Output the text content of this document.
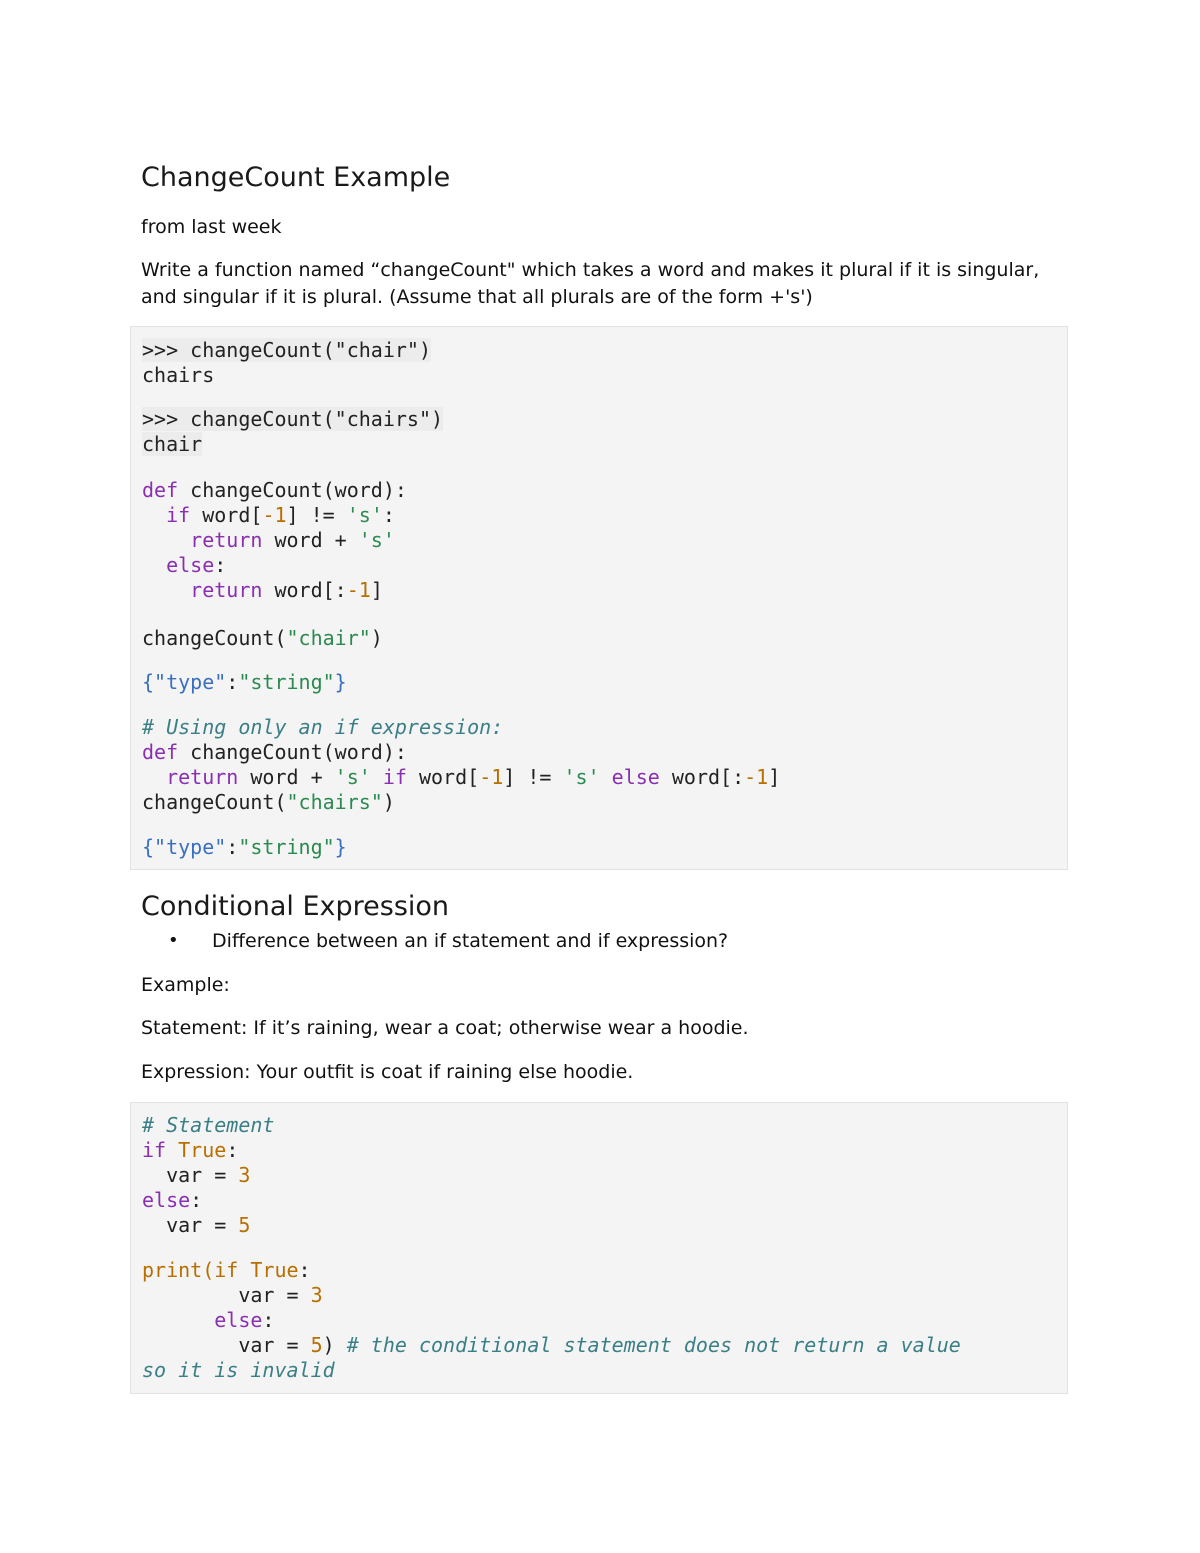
ChangeCount Example

from last week

Write a function named “changeCount" which takes a word and makes it plural if it is singular,

and singular if it is plural. (Assume that all plurals are of the form +'s')

>>> changeCount("chair")
chairs
>>> changeCount("chairs")
chair
def changeCount(word):
if word[-1] != 's':
return word + 's'
else:
return word[:-1]
changeCount("chair")
{"type":"string"}
# Using only an if expression:
def changeCount(word):
return word + 's' if word[-1] != 's' else word[:-1]
changeCount("chairs")
{"type":"string"}
Conditional Expression
• Difference between an if statement and if expression?

Example:

Statement: If it’s raining, wear a coat; otherwise wear a hoodie.

Expression: Your outfit is coat if raining else hoodie.

# Statement
if True:
var = 3
else:
var = 5
print(if True:
var = 3
else:
var = 5) # the conditional statement does not return a value
so it is invalid
